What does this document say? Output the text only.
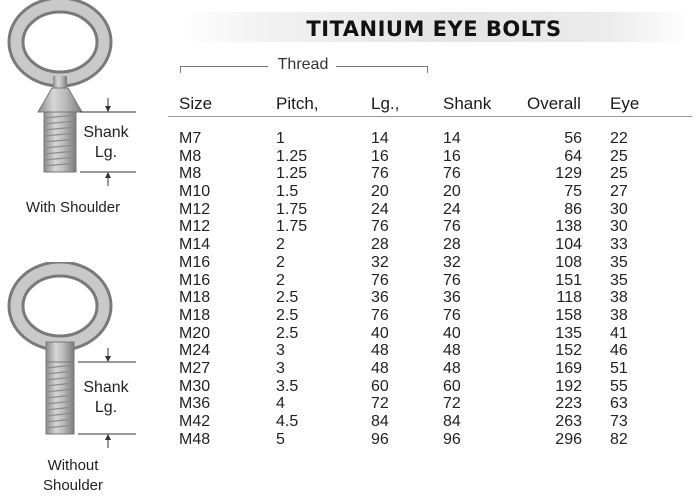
TITANIUM EYE BOLTS
Thread
Size	Pitch,	Lg.,	Shank Overall Eye
M7	1	14	14	56 22
M8	1.25	16	16	64 25
M8	1.25	76	76	129 25
M10	1.5	20	20	75 27
M12	1.75	24	24	86 30
M12	1.75	76	76	138 30
M14	2	28	28	104 33
M16	2	32	32	108 35
M16	2	76	76	151 35
M18	2.5	36	36	118 38
M18	2.5	76	76	158 38
M20	2.5	40	40	135 41
M24	3	48	48	152 46
M27	3	48	48	169 51
M30	3.5	60	60	192 55
M36	4	72	72	223 63
M42	4.5	84	84	263 73
M48	5	96	96	296 82
Shank
Lg.
With Shoulder
Shank
Lg.
Without
Shoulder
